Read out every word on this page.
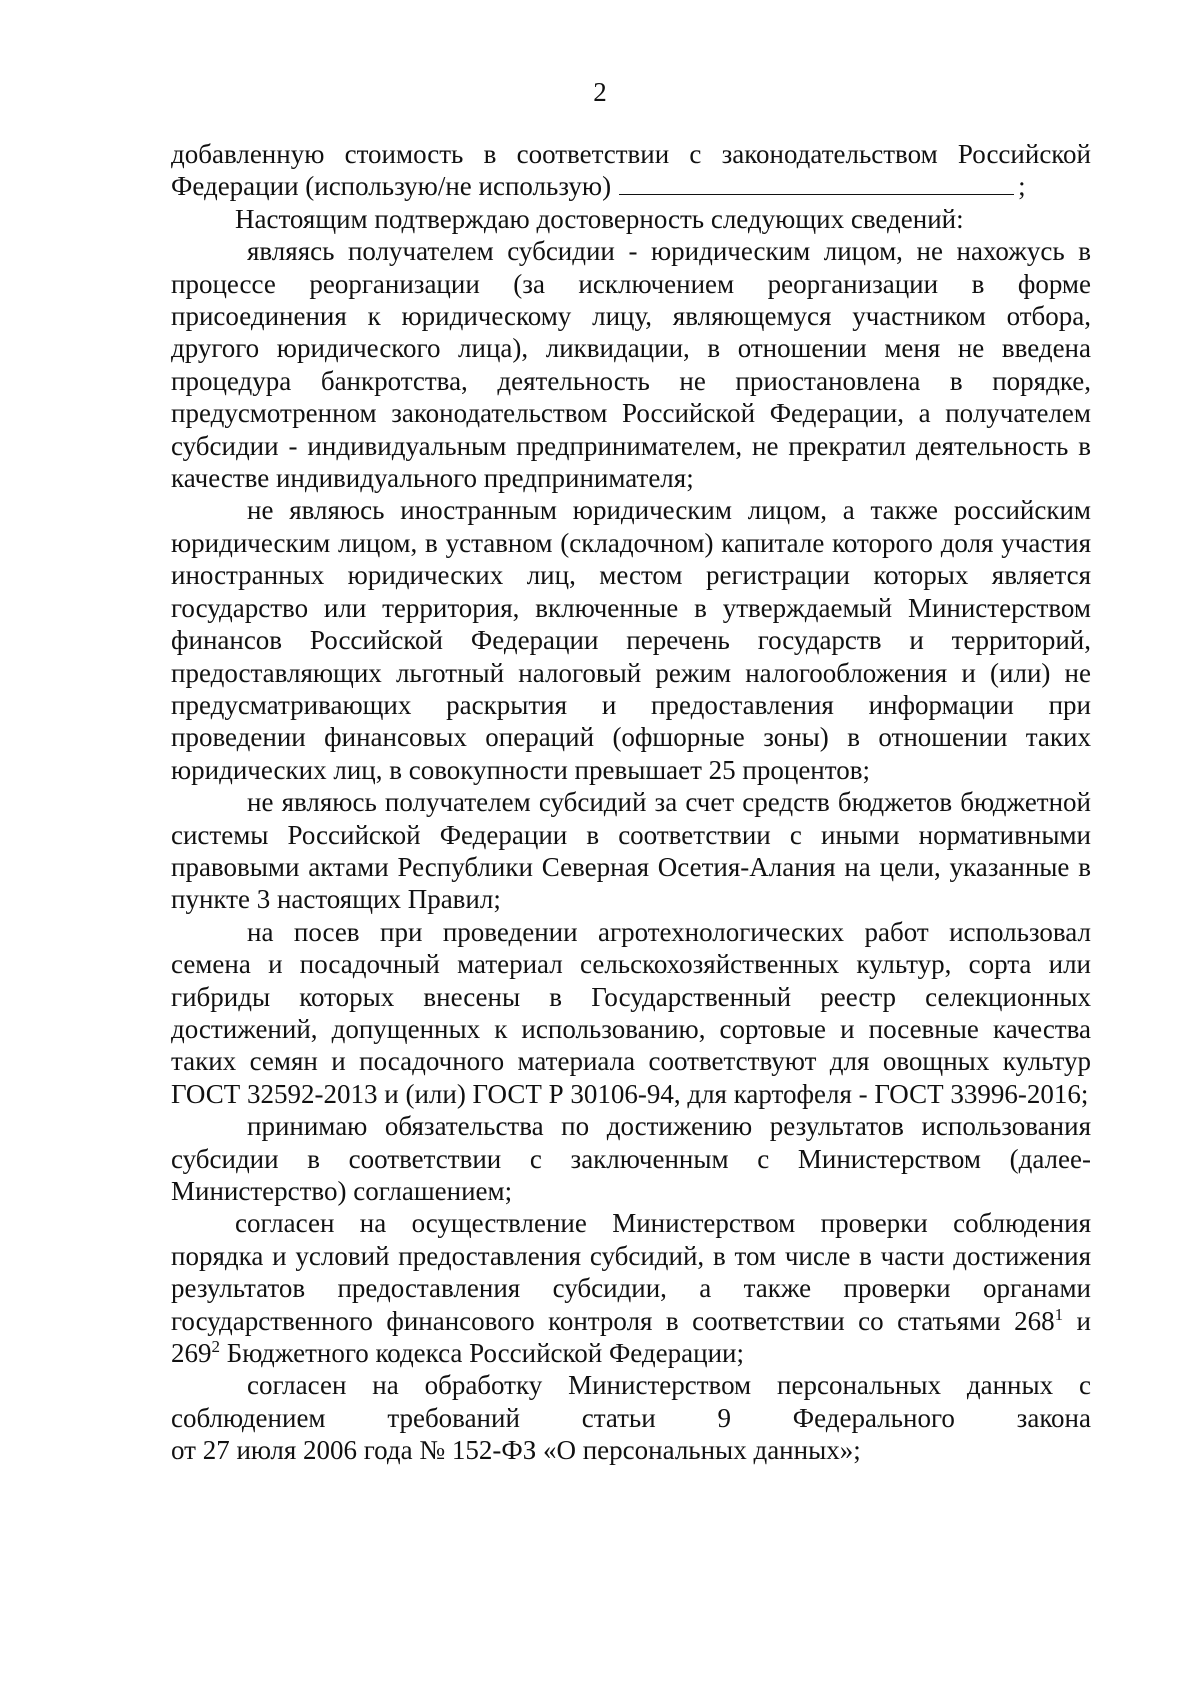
2

добавленную стоимость в соответствии с законодательством Российской
Федерации (использую/не использую)	;

Настоящим подтверждаю достоверность следующих сведений:

являясь получателем субсидии - юридическим лицом, не нахожусь в процессе реорганизации (за исключением реорганизации в форме присоединения к юридическому лицу, являющемуся участником отбора, другого юридического лица), ликвидации, в отношении меня не введена процедура банкротства, деятельность не приостановлена в порядке, предусмотренном законодательством Российской Федерации, а получателем субсидии - индивидуальным предпринимателем, не прекратил деятельность в качестве индивидуального предпринимателя;

не являюсь иностранным юридическим лицом, а также российским юридическим лицом, в уставном (складочном) капитале которого доля участия иностранных юридических лиц, местом регистрации которых является государство или территория, включенные в утверждаемый Министерством финансов Российской Федерации перечень государств и территорий, предоставляющих льготный налоговый режим налогообложения и (или) не предусматривающих раскрытия и предоставления информации при проведении финансовых операций (офшорные зоны) в отношении таких юридических лиц, в совокупности превышает 25 процентов;

не являюсь получателем субсидий за счет средств бюджетов бюджетной системы Российской Федерации в соответствии с иными нормативными правовыми актами Республики Северная Осетия-Алания на цели, указанные в пункте 3 настоящих Правил;

на посев при проведении агротехнологических работ использовал семена и посадочный материал сельскохозяйственных культур, сорта или гибриды которых внесены в Государственный реестр селекционных достижений, допущенных к использованию, сортовые и посевные качества таких семян и посадочного материала соответствуют для овощных культур ГОСТ 32592-2013 и (или) ГОСТ Р 30106-94, для картофеля - ГОСТ 33996-2016;

принимаю обязательства по достижению результатов использования субсидии в соответствии с заключенным с Министерством (далее- Министерство) соглашением;

согласен на осуществление Министерством проверки соблюдения порядка и условий предоставления субсидий, в том числе в части достижения результатов предоставления субсидии, а также проверки органами государственного финансового контроля в соответствии со статьями $268^1$ и $269^2$ Бюджетного кодекса Российской Федерации;

согласен на обработку Министерством персональных данных с соблюдением требований статьи 9 Федерального закона
от 27 июля 2006 года № 152-ФЗ «О персональных данных»;
